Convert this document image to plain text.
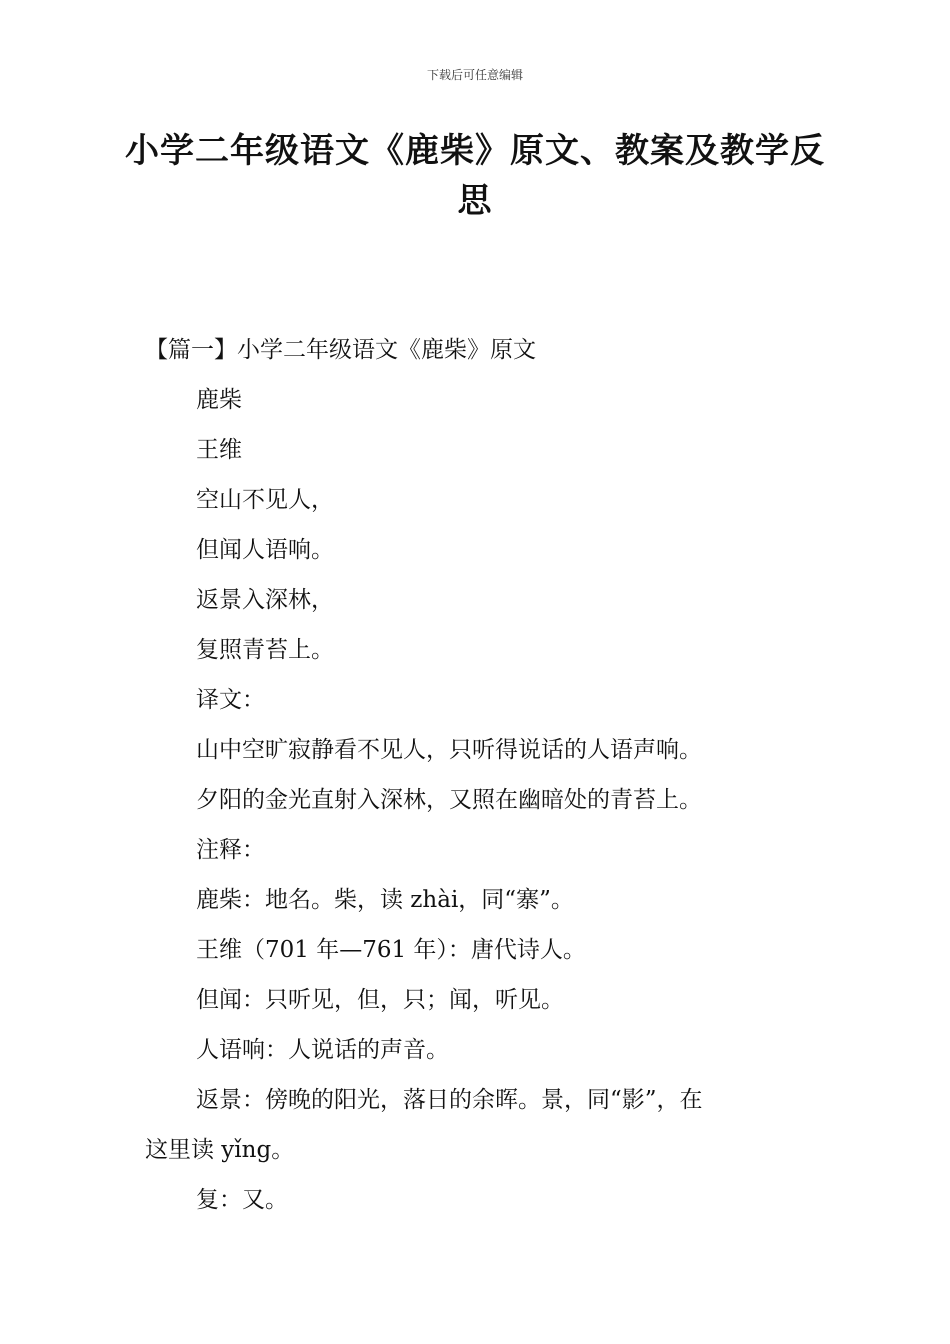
下载后可任意编辑
小学二年级语文《鹿柴》原文、教案及教学反思
【篇一】小学二年级语文《鹿柴》原文
鹿柴
王维
空山不见人，
但闻人语响。
返景入深林，
复照青苔上。
译文：
山中空旷寂静看不见人，只听得说话的人语声响。
夕阳的金光直射入深林，又照在幽暗处的青苔上。
注释：
鹿柴：地名。柴，读 zhài，同“寨”。
王维（701 年—761 年）：唐代诗人。
但闻：只听见，但，只；闻，听见。
人语响：人说话的声音。
返景：傍晚的阳光，落日的余晖。景，同“影”，在
这里读 yǐng。
复：又。
